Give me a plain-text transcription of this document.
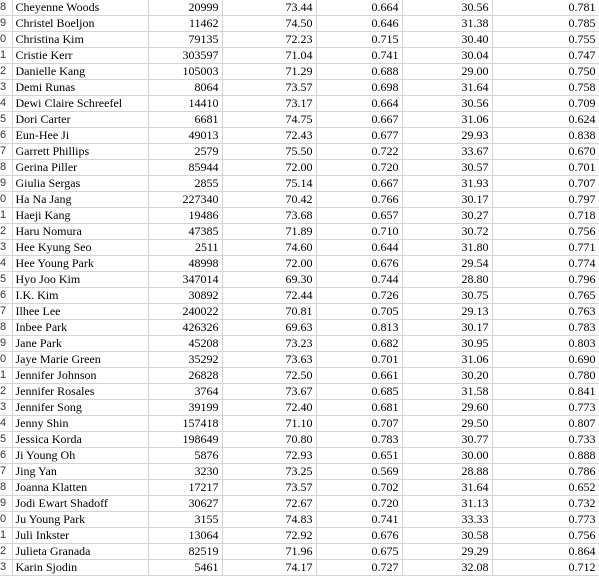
8	Cheyenne Woods	20999	73.44	0.664	30.56	0.781
9	Christel Boeljon	11462	74.50	0.646	31.38	0.785
0	Christina Kim	79135	72.23	0.715	30.40	0.755
1	Cristie Kerr	303597	71.04	0.741	30.04	0.747
2	Danielle Kang	105003	71.29	0.688	29.00	0.750
3	Demi Runas	8064	73.57	0.698	31.64	0.758
4	Dewi Claire Schreefel	14410	73.17	0.664	30.56	0.709
5	Dori Carter	6681	74.75	0.667	31.06	0.624
6	Eun-Hee Ji	49013	72.43	0.677	29.93	0.838
7	Garrett Phillips	2579	75.50	0.722	33.67	0.670
8	Gerina Piller	85944	72.00	0.720	30.57	0.701
9	Giulia Sergas	2855	75.14	0.667	31.93	0.707
0	Ha Na Jang	227340	70.42	0.766	30.17	0.797
1	Haeji Kang	19486	73.68	0.657	30.27	0.718
2	Haru Nomura	47385	71.89	0.710	30.72	0.756
3	Hee Kyung Seo	2511	74.60	0.644	31.80	0.771
4	Hee Young Park	48998	72.00	0.676	29.54	0.774
5	Hyo Joo Kim	347014	69.30	0.744	28.80	0.796
6	I.K. Kim	30892	72.44	0.726	30.75	0.765
7	Ilhee Lee	240022	70.81	0.705	29.13	0.763
8	Inbee Park	426326	69.63	0.813	30.17	0.783
9	Jane Park	45208	73.23	0.682	30.95	0.803
0	Jaye Marie Green	35292	73.63	0.701	31.06	0.690
1	Jennifer Johnson	26828	72.50	0.661	30.20	0.780
2	Jennifer Rosales	3764	73.67	0.685	31.58	0.841
3	Jennifer Song	39199	72.40	0.681	29.60	0.773
4	Jenny Shin	157418	71.10	0.707	29.50	0.807
5	Jessica Korda	198649	70.80	0.783	30.77	0.733
6	Ji Young Oh	5876	72.93	0.651	30.00	0.888
7	Jing Yan	3230	73.25	0.569	28.88	0.786
8	Joanna Klatten	17217	73.57	0.702	31.64	0.652
9	Jodi Ewart Shadoff	30627	72.67	0.720	31.13	0.732
0	Ju Young Park	3155	74.83	0.741	33.33	0.773
1	Juli Inkster	13064	72.92	0.676	30.58	0.756
2	Julieta Granada	82519	71.96	0.675	29.29	0.864
3	Karin Sjodin	5461	74.17	0.727	32.08	0.712
